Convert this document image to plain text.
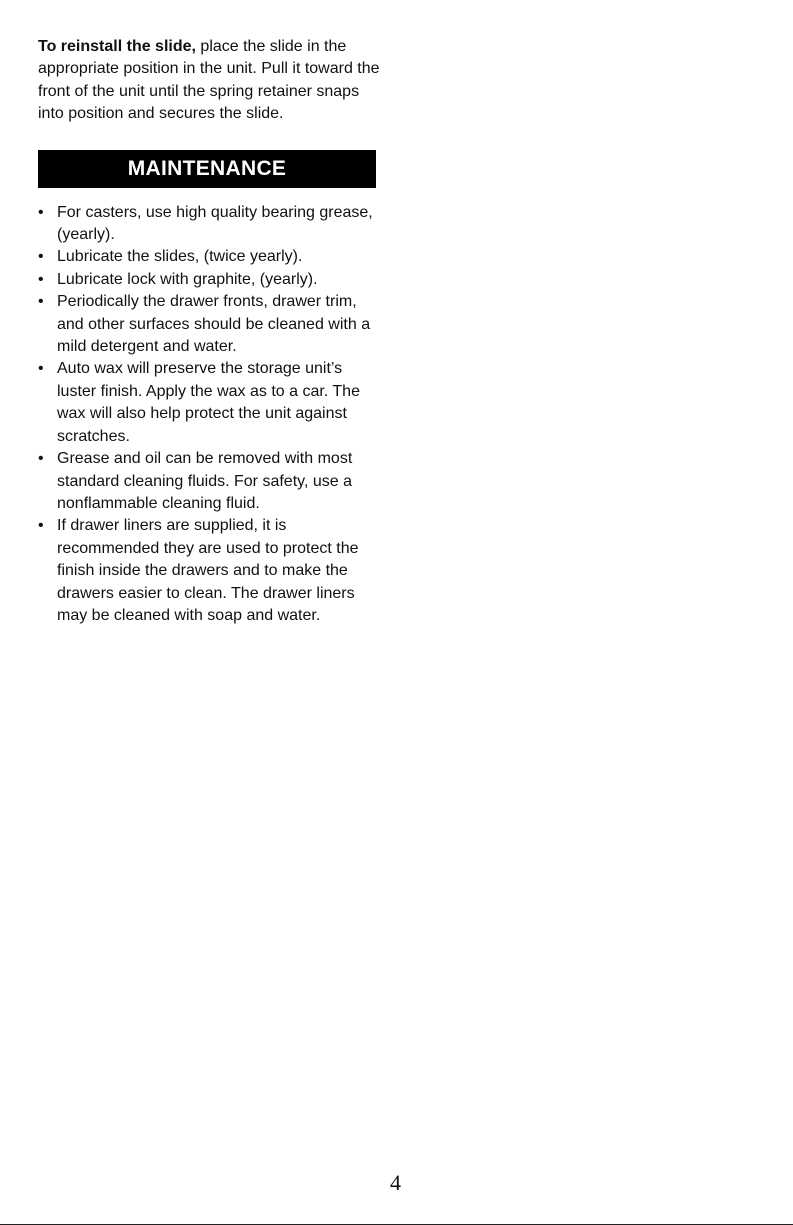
To reinstall the slide, place the slide in the appropriate position in the unit. Pull it toward the front of the unit until the spring retainer snaps into position and secures the slide.

MAINTENANCE
• For casters, use high quality bearing grease, (yearly).
• Lubricate the slides, (twice yearly).
• Lubricate lock with graphite, (yearly).
• Periodically the drawer fronts, drawer trim, and other surfaces should be cleaned with a mild detergent and water.
• Auto wax will preserve the storage unit’s luster finish. Apply the wax as to a car. The wax will also help protect the unit against scratches.
• Grease and oil can be removed with most standard cleaning fluids. For safety, use a nonflammable cleaning fluid.
• If drawer liners are supplied, it is recommended they are used to protect the finish inside the drawers and to make the drawers easier to clean. The drawer liners may be cleaned with soap and water.
4
